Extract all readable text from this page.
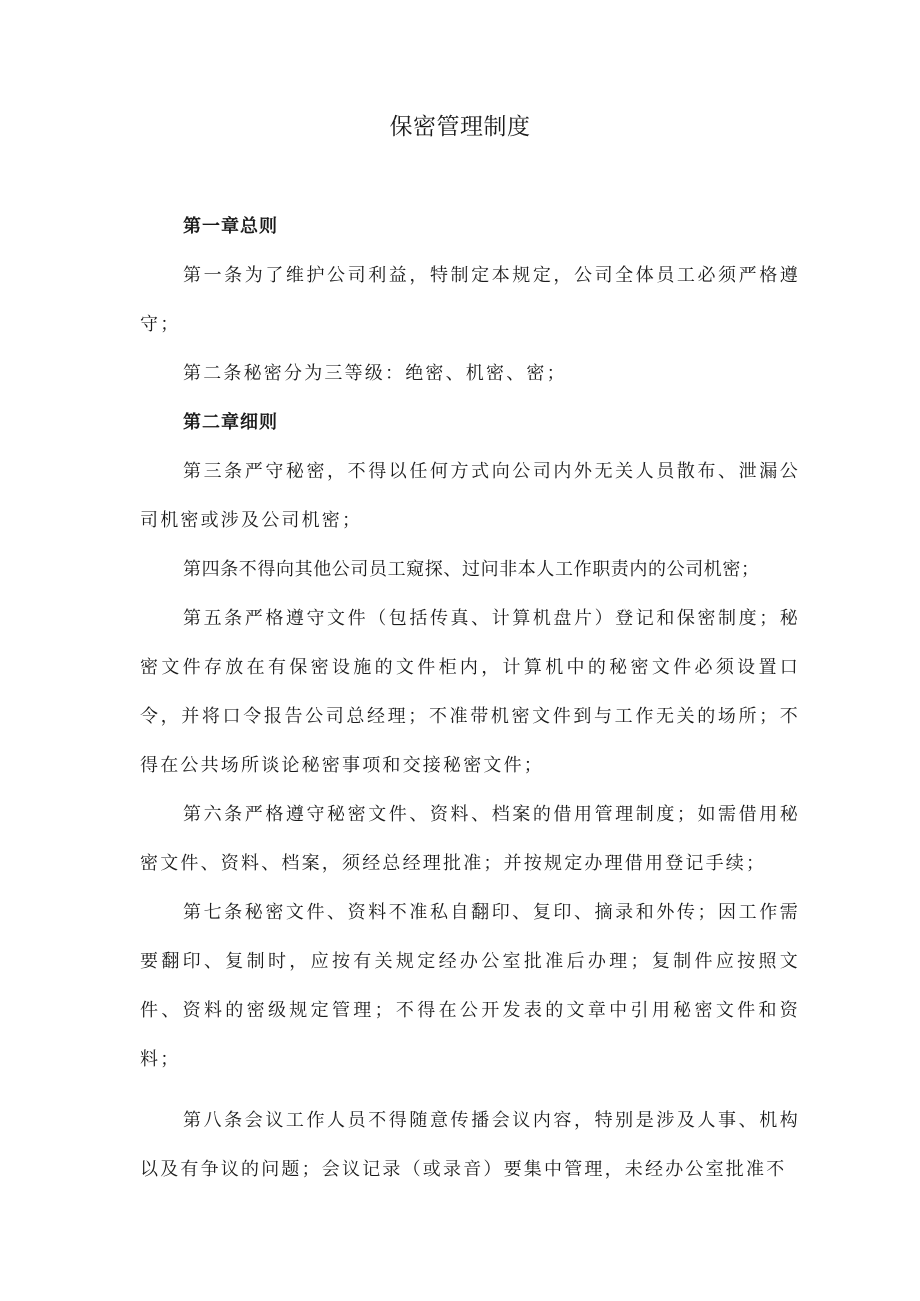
保密管理制度

第一章总则

第一条为了维护公司利益，特制定本规定，公司全体员工必须严格遵守；

第二条秘密分为三等级：绝密、机密、密；

第二章细则

第三条严守秘密，不得以任何方式向公司内外无关人员散布、泄漏公司机密或涉及公司机密；

第四条不得向其他公司员工窥探、过问非本人工作职责内的公司机密；

第五条严格遵守文件（包括传真、计算机盘片）登记和保密制度；秘密文件存放在有保密设施的文件柜内，计算机中的秘密文件必须设置口令，并将口令报告公司总经理；不准带机密文件到与工作无关的场所；不得在公共场所谈论秘密事项和交接秘密文件；

第六条严格遵守秘密文件、资料、档案的借用管理制度；如需借用秘密文件、资料、档案，须经总经理批准；并按规定办理借用登记手续；

第七条秘密文件、资料不准私自翻印、复印、摘录和外传；因工作需要翻印、复制时，应按有关规定经办公室批准后办理；复制件应按照文件、资料的密级规定管理；不得在公开发表的文章中引用秘密文件和资料；

第八条会议工作人员不得随意传播会议内容，特别是涉及人事、机构以及有争议的问题；会议记录（或录音）要集中管理，未经办公室批准不
